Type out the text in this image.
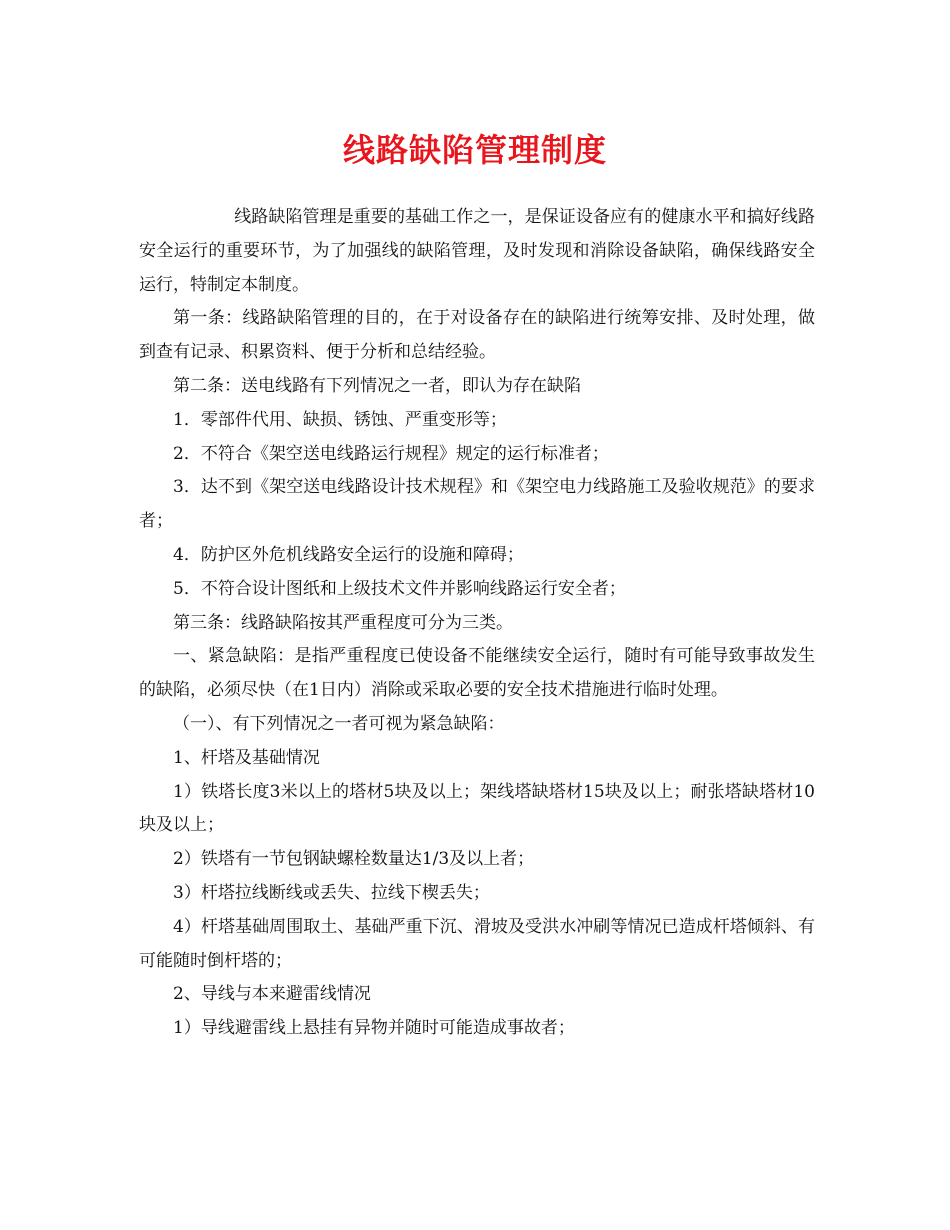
线路缺陷管理制度

线路缺陷管理是重要的基础工作之一，是保证设备应有的健康水平和搞好线路安全运行的重要环节，为了加强线的缺陷管理，及时发现和消除设备缺陷，确保线路安全运行，特制定本制度。

第一条：线路缺陷管理的目的，在于对设备存在的缺陷进行统筹安排、及时处理，做到查有记录、积累资料、便于分析和总结经验。

第二条：送电线路有下列情况之一者，即认为存在缺陷

1．零部件代用、缺损、锈蚀、严重变形等；

2．不符合《架空送电线路运行规程》规定的运行标准者；

3．达不到《架空送电线路设计技术规程》和《架空电力线路施工及验收规范》的要求者；

4．防护区外危机线路安全运行的设施和障碍；

5．不符合设计图纸和上级技术文件并影响线路运行安全者；

第三条：线路缺陷按其严重程度可分为三类。

一、紧急缺陷：是指严重程度已使设备不能继续安全运行，随时有可能导致事故发生的缺陷，必须尽快（在1日内）消除或采取必要的安全技术措施进行临时处理。

（一）、有下列情况之一者可视为紧急缺陷：

1、杆塔及基础情况

1）铁塔长度3米以上的塔材5块及以上；架线塔缺塔材15块及以上；耐张塔缺塔材10块及以上；

2）铁塔有一节包钢缺螺栓数量达1/3及以上者；

3）杆塔拉线断线或丢失、拉线下楔丢失；

4）杆塔基础周围取土、基础严重下沉、滑坡及受洪水冲刷等情况已造成杆塔倾斜、有可能随时倒杆塔的；

2、导线与本来避雷线情况

1）导线避雷线上悬挂有异物并随时可能造成事故者；
